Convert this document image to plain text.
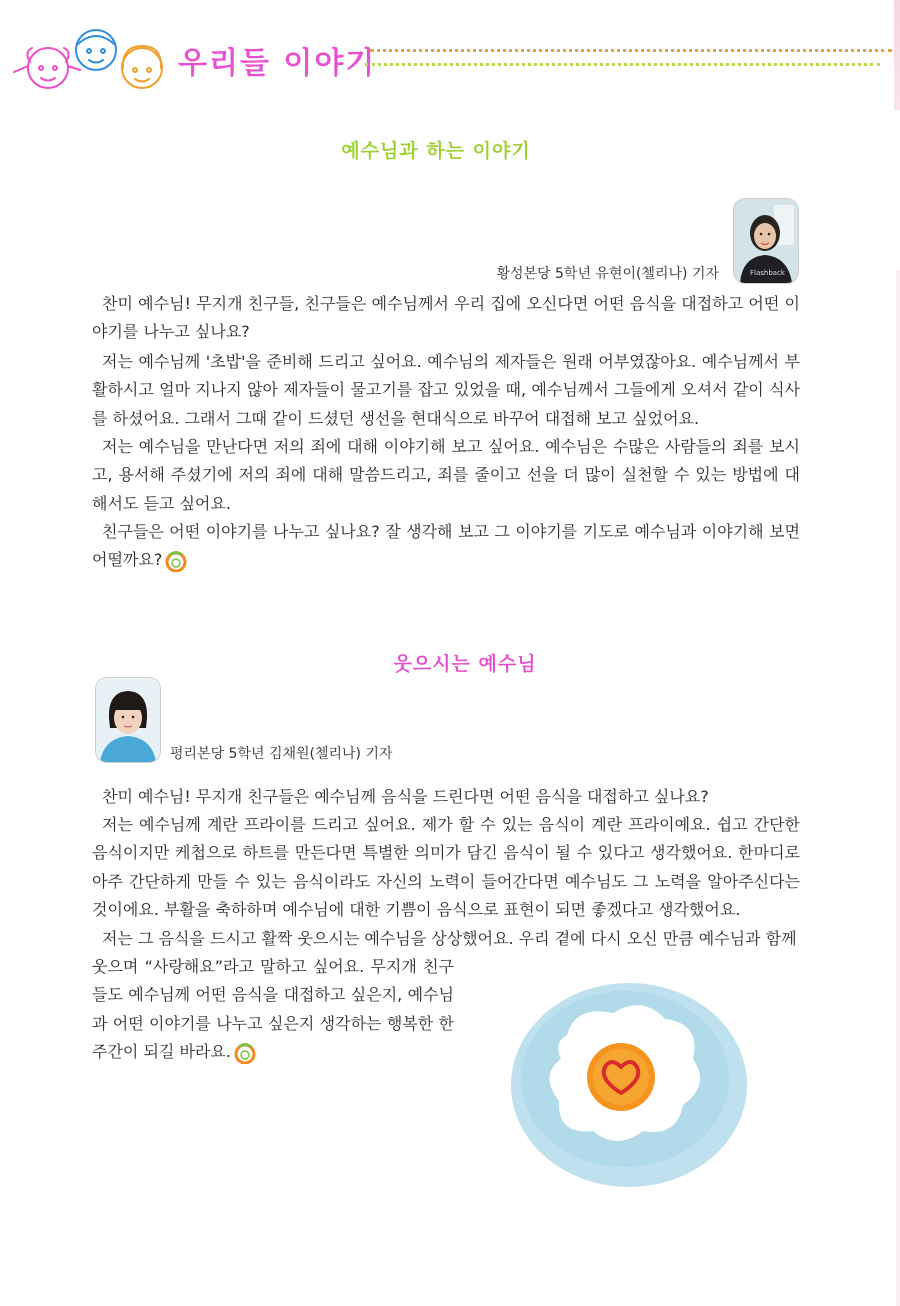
우리들 이야기
예수님과 하는 이야기
Flashback
황성본당 5학년 유현이(첼리나) 기자

찬미 예수님! 무지개 친구들, 친구들은 예수님께서 우리 집에 오신다면 어떤 음식을 대접하고 어떤 이야기를 나누고 싶나요?

저는 예수님께 '초밥'을 준비해 드리고 싶어요. 예수님의 제자들은 원래 어부였잖아요. 예수님께서 부활하시고 얼마 지나지 않아 제자들이 물고기를 잡고 있었을 때, 예수님께서 그들에게 오셔서 같이 식사를 하셨어요. 그래서 그때 같이 드셨던 생선을 현대식으로 바꾸어 대접해 보고 싶었어요.

저는 예수님을 만난다면 저의 죄에 대해 이야기해 보고 싶어요. 예수님은 수많은 사람들의 죄를 보시고, 용서해 주셨기에 저의 죄에 대해 말씀드리고, 죄를 줄이고 선을 더 많이 실천할 수 있는 방법에 대해서도 듣고 싶어요.

친구들은 어떤 이야기를 나누고 싶나요? 잘 생각해 보고 그 이야기를 기도로 예수님과 이야기해 보면 어떨까요?

웃으시는 예수님
평리본당 5학년 김채원(첼리나) 기자

찬미 예수님! 무지개 친구들은 예수님께 음식을 드린다면 어떤 음식을 대접하고 싶나요?

저는 예수님께 계란 프라이를 드리고 싶어요. 제가 할 수 있는 음식이 계란 프라이예요. 쉽고 간단한 음식이지만 케첩으로 하트를 만든다면 특별한 의미가 담긴 음식이 될 수 있다고 생각했어요. 한마디로 아주 간단하게 만들 수 있는 음식이라도 자신의 노력이 들어간다면 예수님도 그 노력을 알아주신다는 것이에요. 부활을 축하하며 예수님에 대한 기쁨이 음식으로 표현이 되면 좋겠다고 생각했어요.

저는 그 음식을 드시고 활짝 웃으시는 예수님을 상상했어요. 우리 곁에 다시 오신 만큼 예수님과 함께

웃으며 “사랑해요”라고 말하고 싶어요. 무지개 친구들도 예수님께 어떤 음식을 대접하고 싶은지, 예수님과 어떤 이야기를 나누고 싶은지 생각하는 행복한 한 주간이 되길 바라요.
